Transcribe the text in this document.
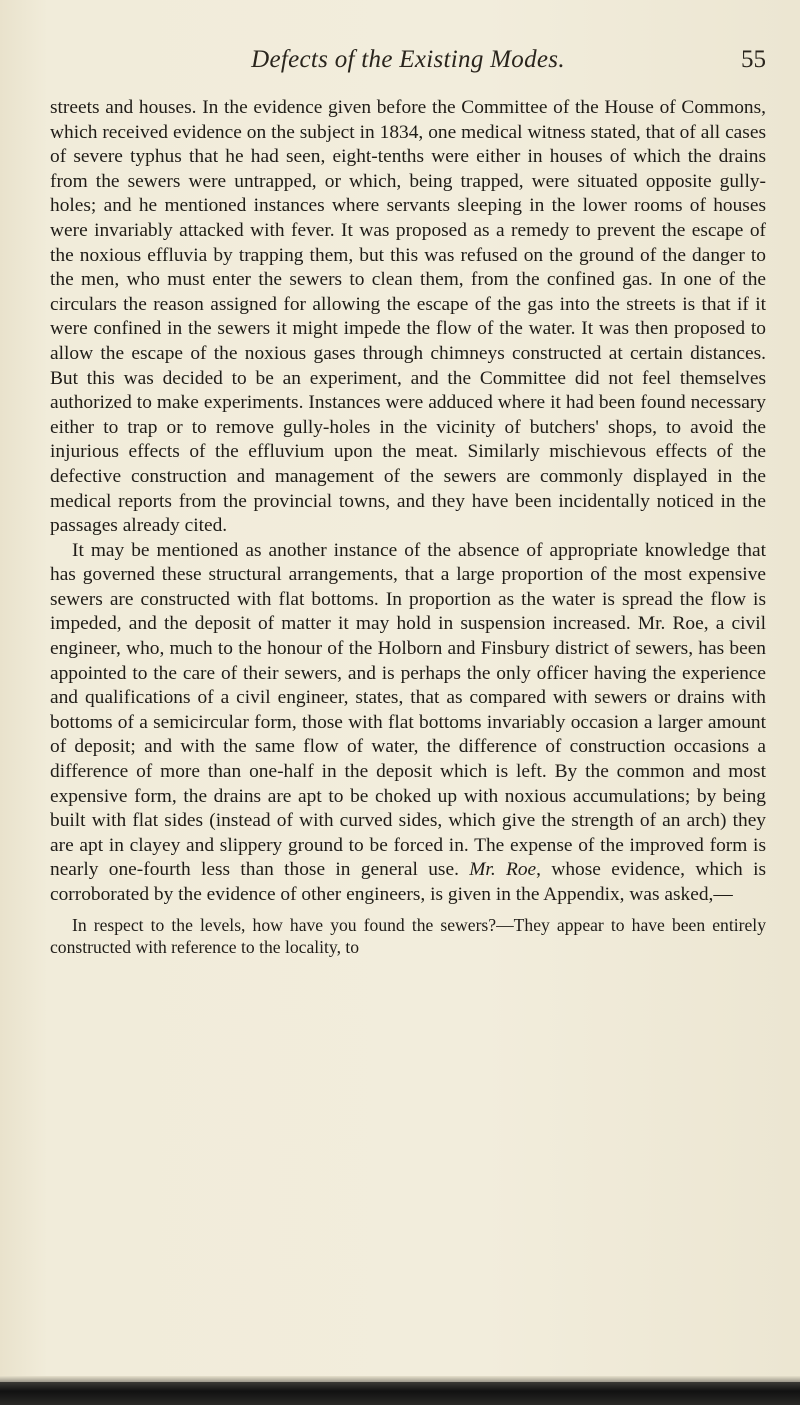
Defects of the Existing Modes.	55

streets and houses. In the evidence given before the Committee of the House of Commons, which received evidence on the subject in 1834, one medical witness stated, that of all cases of severe typhus that he had seen, eight-tenths were either in houses of which the drains from the sewers were untrapped, or which, being trapped, were situated opposite gully-holes; and he mentioned instances where servants sleeping in the lower rooms of houses were invariably attacked with fever. It was proposed as a remedy to prevent the escape of the noxious effluvia by trapping them, but this was refused on the ground of the danger to the men, who must enter the sewers to clean them, from the confined gas. In one of the circulars the reason assigned for allowing the escape of the gas into the streets is that if it were confined in the sewers it might impede the flow of the water. It was then proposed to allow the escape of the noxious gases through chimneys constructed at certain distances. But this was decided to be an experiment, and the Committee did not feel themselves authorized to make experiments. Instances were adduced where it had been found necessary either to trap or to remove gully-holes in the vicinity of butchers' shops, to avoid the injurious effects of the effluvium upon the meat. Similarly mischievous effects of the defective construction and management of the sewers are commonly displayed in the medical reports from the provincial towns, and they have been incidentally noticed in the passages already cited.

It may be mentioned as another instance of the absence of appropriate knowledge that has governed these structural arrangements, that a large proportion of the most expensive sewers are constructed with flat bottoms. In proportion as the water is spread the flow is impeded, and the deposit of matter it may hold in suspension increased. Mr. Roe, a civil engineer, who, much to the honour of the Holborn and Finsbury district of sewers, has been appointed to the care of their sewers, and is perhaps the only officer having the experience and qualifications of a civil engineer, states, that as compared with sewers or drains with bottoms of a semicircular form, those with flat bottoms invariably occasion a larger amount of deposit; and with the same flow of water, the difference of construction occasions a difference of more than one-half in the deposit which is left. By the common and most expensive form, the drains are apt to be choked up with noxious accumulations; by being built with flat sides (instead of with curved sides, which give the strength of an arch) they are apt in clayey and slippery ground to be forced in. The expense of the improved form is nearly one-fourth less than those in general use. Mr. Roe, whose evidence, which is corroborated by the evidence of other engineers, is given in the Appendix, was asked,—

In respect to the levels, how have you found the sewers?—They appear to have been entirely constructed with reference to the locality, to
